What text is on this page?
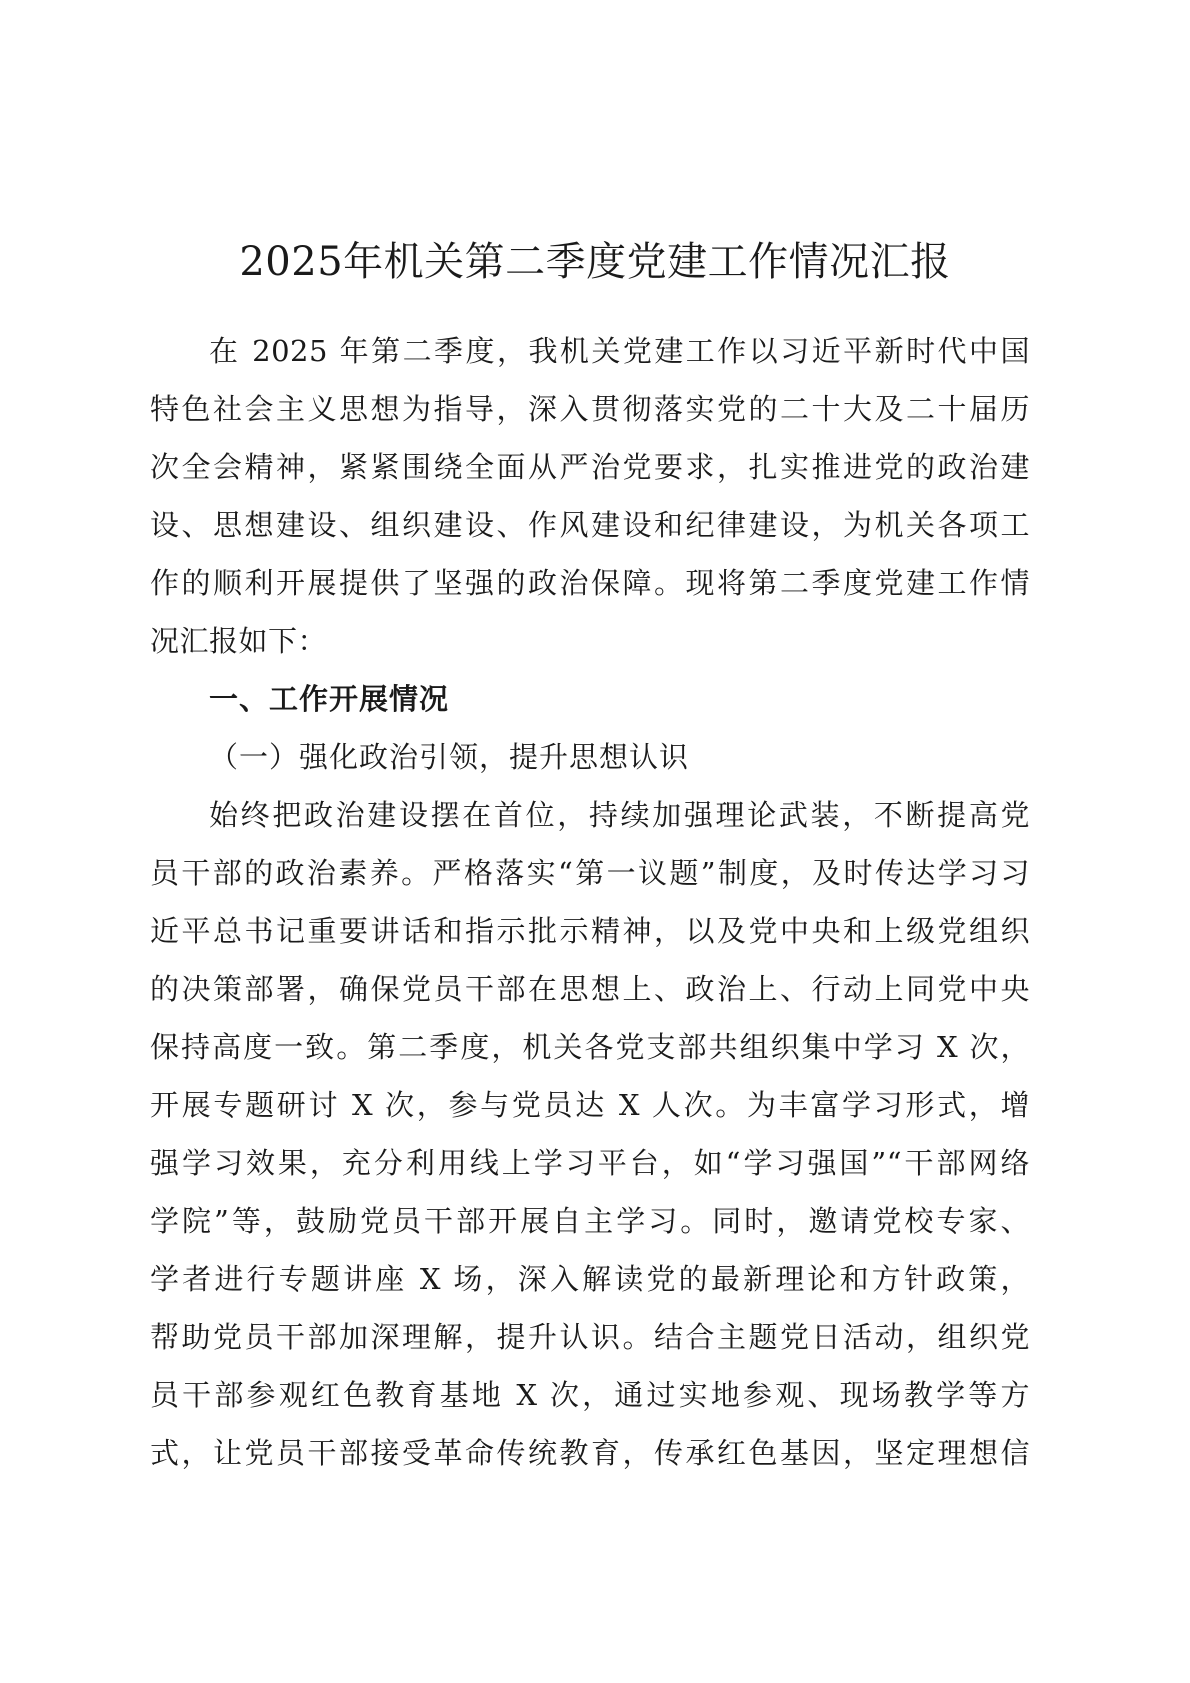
2025年机关第二季度党建工作情况汇报
在 2025 年第二季度，我机关党建工作以习近平新时代中国
特色社会主义思想为指导，深入贯彻落实党的二十大及二十届历
次全会精神，紧紧围绕全面从严治党要求，扎实推进党的政治建
设、思想建设、组织建设、作风建设和纪律建设，为机关各项工
作的顺利开展提供了坚强的政治保障。现将第二季度党建工作情
况汇报如下：
一、工作开展情况
（一）强化政治引领，提升思想认识
始终把政治建设摆在首位，持续加强理论武装，不断提高党
员干部的政治素养。严格落实“第一议题”制度，及时传达学习习
近平总书记重要讲话和指示批示精神，以及党中央和上级党组织
的决策部署，确保党员干部在思想上、政治上、行动上同党中央
保持高度一致。第二季度，机关各党支部共组织集中学习 X 次，
开展专题研讨 X 次，参与党员达 X 人次。为丰富学习形式，增
强学习效果，充分利用线上学习平台，如“学习强国”“干部网络
学院”等，鼓励党员干部开展自主学习。同时，邀请党校专家、
学者进行专题讲座 X 场，深入解读党的最新理论和方针政策，
帮助党员干部加深理解，提升认识。结合主题党日活动，组织党
员干部参观红色教育基地 X 次，通过实地参观、现场教学等方
式，让党员干部接受革命传统教育，传承红色基因，坚定理想信
